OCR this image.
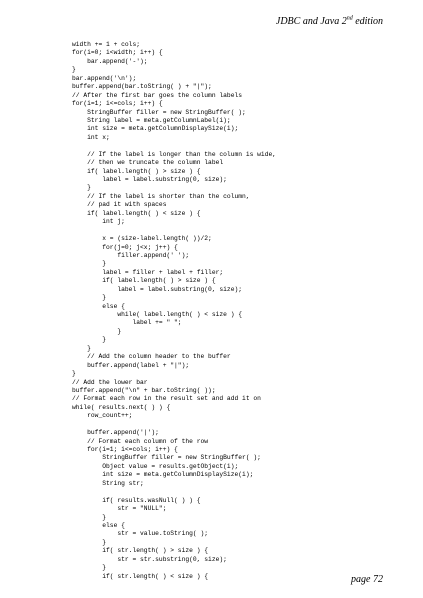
JDBC and Java 2nd edition
width += 1 + cols;
for(i=0; i<width; i++) {
bar.append('-');
}
bar.append('\n');
buffer.append(bar.toString( ) + "|");
// After the first bar goes the column labels
for(i=1; i<=cols; i++) {
StringBuffer filler = new StringBuffer( );
String label = meta.getColumnLabel(i);
int size = meta.getColumnDisplaySize(i);
int x;
// If the label is longer than the column is wide,
// then we truncate the column label
if( label.length( ) > size ) {
label = label.substring(0, size);
}
// If the label is shorter than the column,
// pad it with spaces
if( label.length( ) < size ) {
int j;
x = (size-label.length( ))/2;
for(j=0; j<x; j++) {
filler.append(' ');
}
label = filler + label + filler;
if( label.length( ) > size ) {
label = label.substring(0, size);
}
else {
while( label.length( ) < size ) {
label += " ";
}
}
}
// Add the column header to the buffer
buffer.append(label + "|");
}
// Add the lower bar
buffer.append("\n" + bar.toString( ));
// Format each row in the result set and add it on
while( results.next( ) ) {
row_count++;
buffer.append('|');
// Format each column of the row
for(i=1; i<=cols; i++) {
StringBuffer filler = new StringBuffer( );
Object value = results.getObject(i);
int size = meta.getColumnDisplaySize(i);
String str;
if( results.wasNull( ) ) {
str = "NULL";
}
else {
str = value.toString( );
}
if( str.length( ) > size ) {
str = str.substring(0, size);
}
if( str.length( ) < size ) {	page 72
